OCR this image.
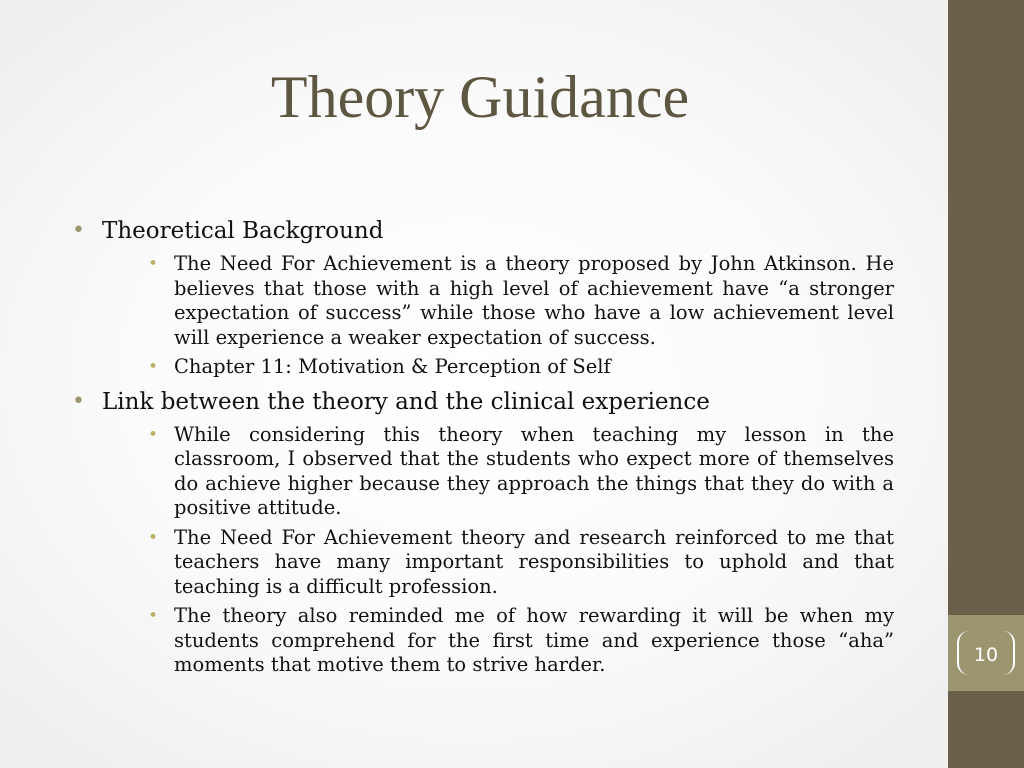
Theory Guidance
• Theoretical Background
• The Need For Achievement is a theory proposed by John Atkinson. He believes that those with a high level of achievement have “a stronger expectation of success” while those who have a low achievement level will experience a weaker expectation of success.
• Chapter 11: Motivation & Perception of Self
• Link between the theory and the clinical experience
• While considering this theory when teaching my lesson in the classroom, I observed that the students who expect more of themselves do achieve higher because they approach the things that they do with a positive attitude.
• The Need For Achievement theory and research reinforced to me that teachers have many important responsibilities to uphold and that teaching is a difficult profession.
• The theory also reminded me of how rewarding it will be when my students comprehend for the first time and experience those “aha” moments that motive them to strive harder.	10
